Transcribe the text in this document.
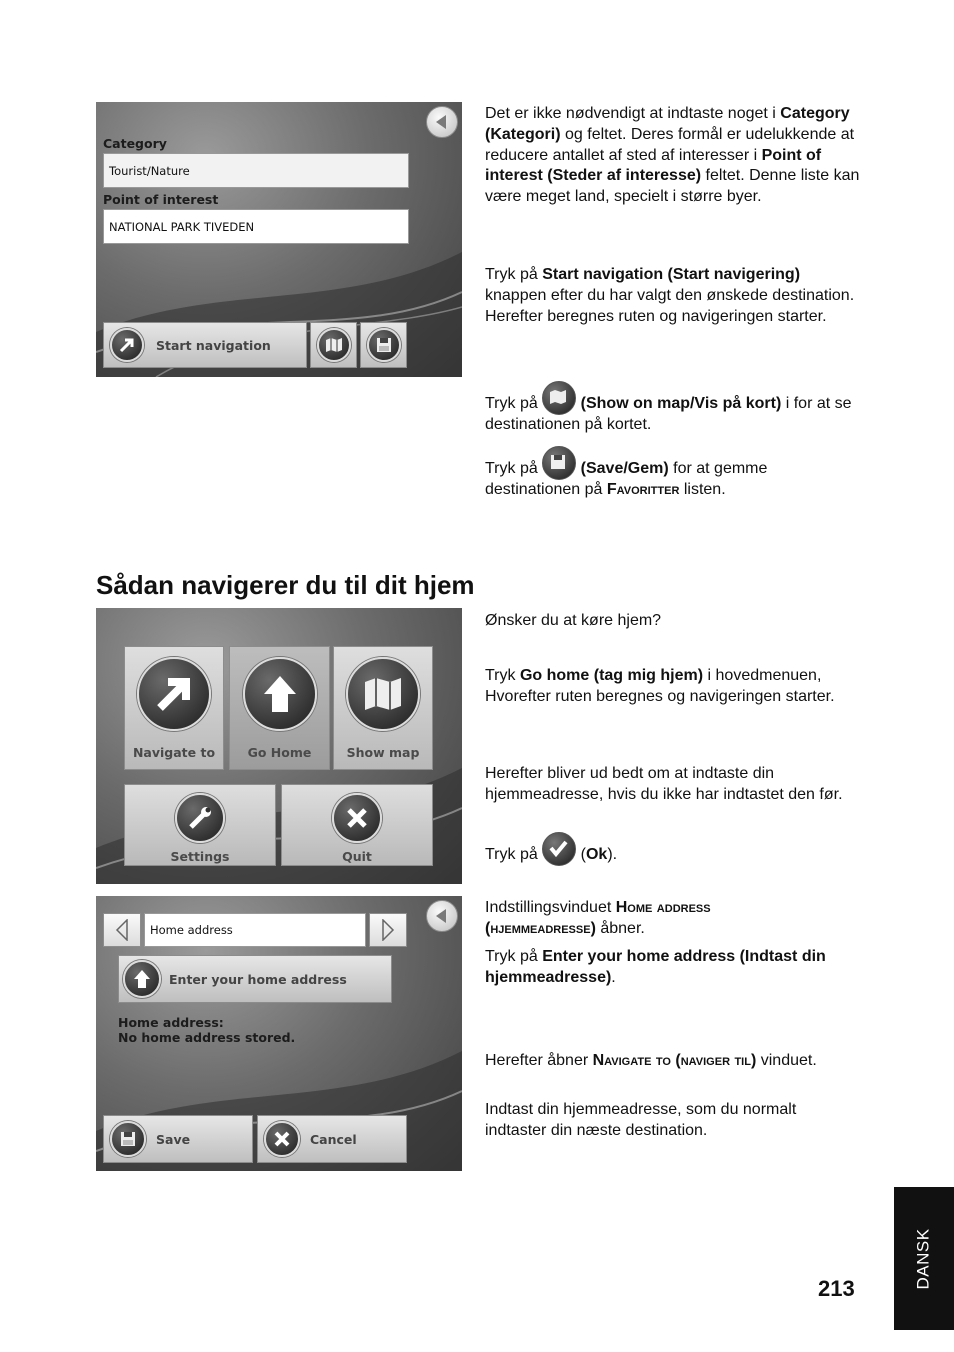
Category
Tourist/Nature
Point of interest
NATIONAL PARK TIVEDEN
Start navigation
Det er ikke nødvendigt at indtaste noget i Category (Kategori) og feltet. Deres formål er udelukkende at reducere antallet af sted af interesser i Point of interest (Steder af interesse) feltet. Denne liste kan være meget land, specielt i større byer.
Tryk på Start navigation (Start navigering) knappen efter du har valgt den ønskede destination. Herefter beregnes ruten og navigeringen starter.
Tryk på  (Show on map/Vis på kort) i for at se destinationen på kortet.
Tryk på  (Save/Gem) for at gemme destinationen på Favoritter listen.
Sådan navigerer du til dit hjem
Navigate to	Go Home	Show map
Settings	Quit
Ønsker du at køre hjem?
Tryk Go home (tag mig hjem) i hovedmenuen, Hvorefter ruten beregnes og navigeringen starter.
Herefter bliver ud bedt om at indtaste din hjemmeadresse, hvis du ikke har indtastet den før.
Tryk på  (Ok).
Indstillingsvinduet Home address
(hjemmeadresse) åbner.
Tryk på Enter your home address (Indtast din hjemmeadresse).
Herefter åbner Navigate to (naviger til) vinduet.
Indtast din hjemmeadresse, som du normalt indtaster din næste destination.
Home address
Enter your home address
Home address:
No home address stored.
Save	Cancel
213	DANSK
